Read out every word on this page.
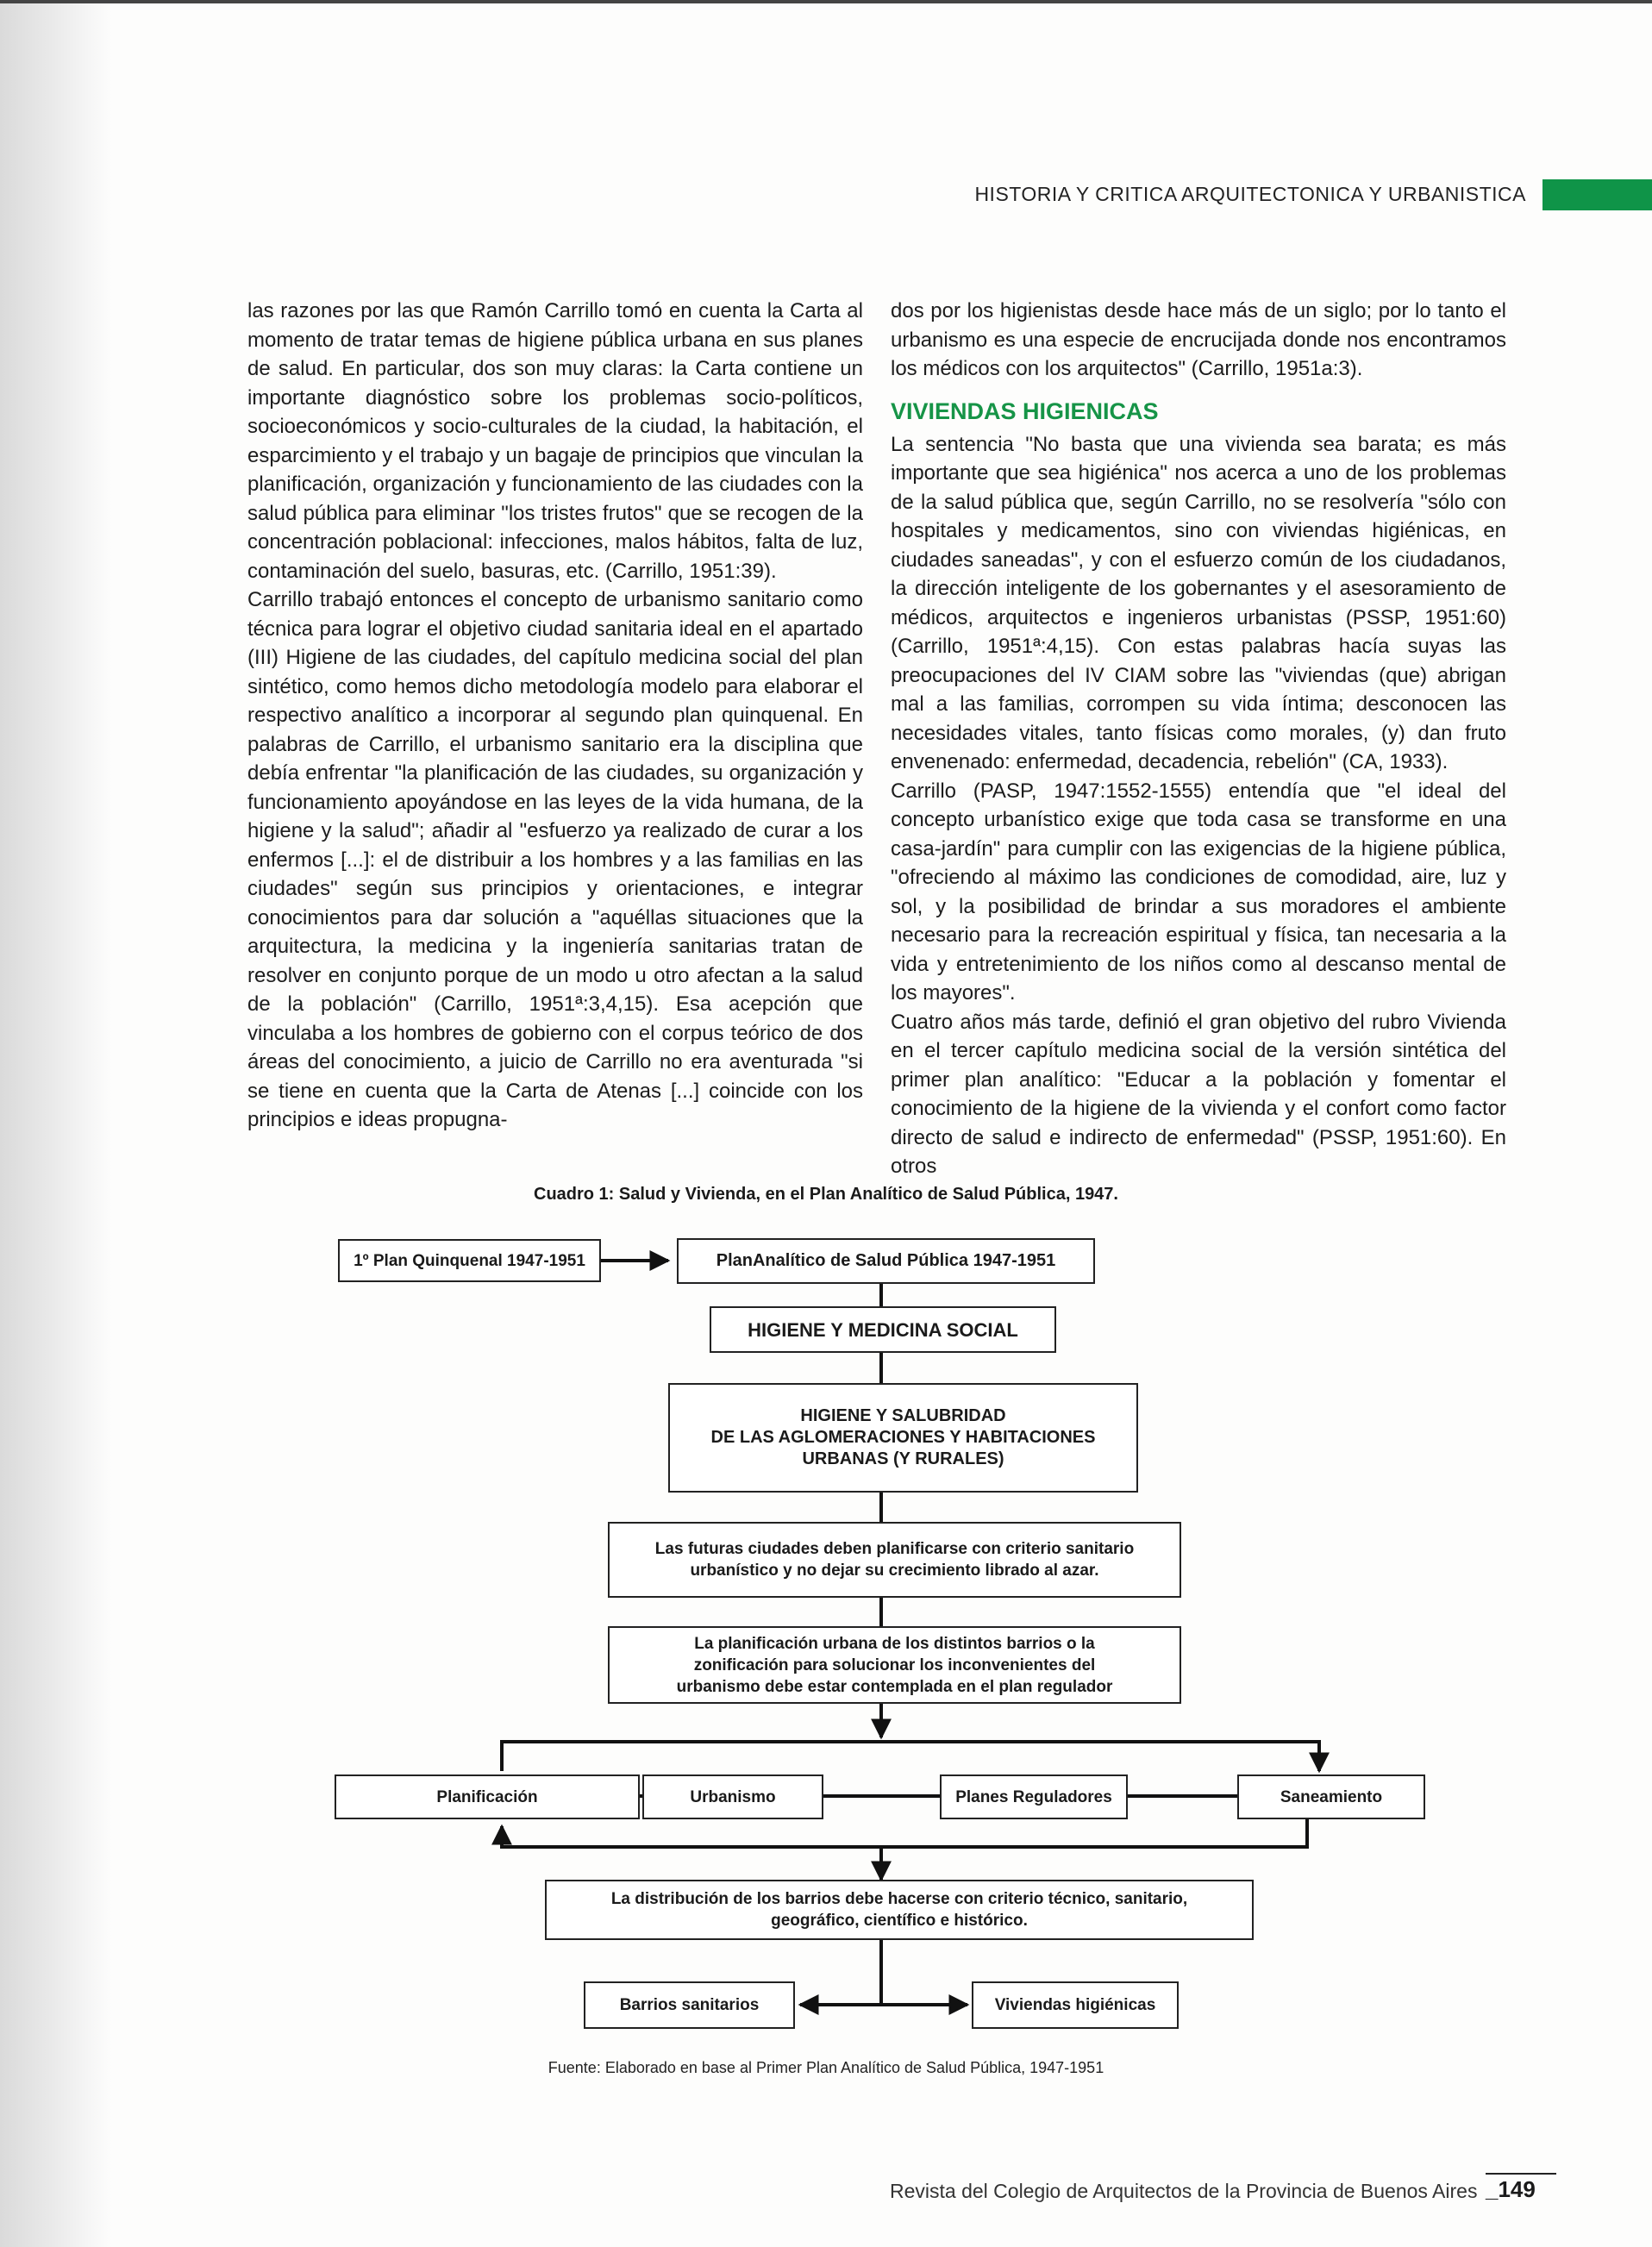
HISTORIA Y CRITICA ARQUITECTONICA Y URBANISTICA

las razones por las que Ramón Carrillo tomó en cuenta la Carta al momento de tratar temas de higiene pública urbana en sus planes de salud. En particular, dos son muy claras: la Carta contiene un importante diagnóstico sobre los problemas socio-políticos, socioeconómicos y socio-culturales de la ciudad, la habitación, el esparcimiento y el trabajo y un bagaje de principios que vinculan la planificación, organización y funcionamiento de las ciudades con la salud pública para eliminar "los tristes frutos" que se recogen de la concentración poblacional: infecciones, malos hábitos, falta de luz, contaminación del suelo, basuras, etc. (Carrillo, 1951:39).

Carrillo trabajó entonces el concepto de urbanismo sanitario como técnica para lograr el objetivo ciudad sanitaria ideal en el apartado (III) Higiene de las ciudades, del capítulo medicina social del plan sintético, como hemos dicho metodología modelo para elaborar el respectivo analítico a incorporar al segundo plan quinquenal. En palabras de Carrillo, el urbanismo sanitario era la disciplina que debía enfrentar "la planificación de las ciudades, su organización y funcionamiento apoyándose en las leyes de la vida humana, de la higiene y la salud"; añadir al "esfuerzo ya realizado de curar a los enfermos [...]: el de distribuir a los hombres y a las familias en las ciudades" según sus principios y orientaciones, e integrar conocimientos para dar solución a "aquéllas situaciones que la arquitectura, la medicina y la ingeniería sanitarias tratan de resolver en conjunto porque de un modo u otro afectan a la salud de la población" (Carrillo, 1951ª:3,4,15). Esa acepción que vinculaba a los hombres de gobierno con el corpus teórico de dos áreas del conocimiento, a juicio de Carrillo no era aventurada "si se tiene en cuenta que la Carta de Atenas [...] coincide con los principios e ideas propugna-

dos por los higienistas desde hace más de un siglo; por lo tanto el urbanismo es una especie de encrucijada donde nos encontramos los médicos con los arquitectos" (Carrillo, 1951a:3).

VIVIENDAS HIGIENICAS

La sentencia "No basta que una vivienda sea barata; es más importante que sea higiénica" nos acerca a uno de los problemas de la salud pública que, según Carrillo, no se resolvería "sólo con hospitales y medicamentos, sino con viviendas higiénicas, en ciudades saneadas", y con el esfuerzo común de los ciudadanos, la dirección inteligente de los gobernantes y el asesoramiento de médicos, arquitectos e ingenieros urbanistas (PSSP, 1951:60)(Carrillo, 1951ª:4,15). Con estas palabras hacía suyas las preocupaciones del IV CIAM sobre las "viviendas (que) abrigan mal a las familias, corrompen su vida íntima; desconocen las necesidades vitales, tanto físicas como morales, (y) dan fruto envenenado: enfermedad, decadencia, rebelión" (CA, 1933).

Carrillo (PASP, 1947:1552-1555) entendía que "el ideal del concepto urbanístico exige que toda casa se transforme en una casa-jardín" para cumplir con las exigencias de la higiene pública, "ofreciendo al máximo las condiciones de comodidad, aire, luz y sol, y la posibilidad de brindar a sus moradores el ambiente necesario para la recreación espiritual y física, tan necesaria a la vida y entretenimiento de los niños como al descanso mental de los mayores".

Cuatro años más tarde, definió el gran objetivo del rubro Vivienda en el tercer capítulo medicina social de la versión sintética del primer plan analítico: "Educar a la población y fomentar el conocimiento de la higiene de la vivienda y el confort como factor directo de salud e indirecto de enfermedad" (PSSP, 1951:60). En otros

Cuadro 1: Salud y Vivienda, en el Plan Analítico de Salud Pública, 1947.
1º Plan Quinquenal 1947-1951	PlanAnalítico de Salud Pública 1947-1951
HIGIENE Y MEDICINA SOCIAL
HIGIENE Y SALUBRIDAD
DE LAS AGLOMERACIONES Y HABITACIONES
URBANAS (Y RURALES)
Las futuras ciudades deben planificarse con criterio sanitario
urbanístico y no dejar su crecimiento librado al azar.
La planificación urbana de los distintos barrios o la
zonificación para solucionar los inconvenientes del
urbanismo debe estar contemplada en el plan regulador
Planificación	Urbanismo	Planes Reguladores	Saneamiento
La distribución de los barrios debe hacerse con criterio técnico, sanitario,
geográfico, científico e histórico.
Barrios sanitarios	Viviendas higiénicas
Fuente: Elaborado en base al Primer Plan Analítico de Salud Pública, 1947-1951
Revista del Colegio de Arquitectos de la Provincia de Buenos Aires _149
